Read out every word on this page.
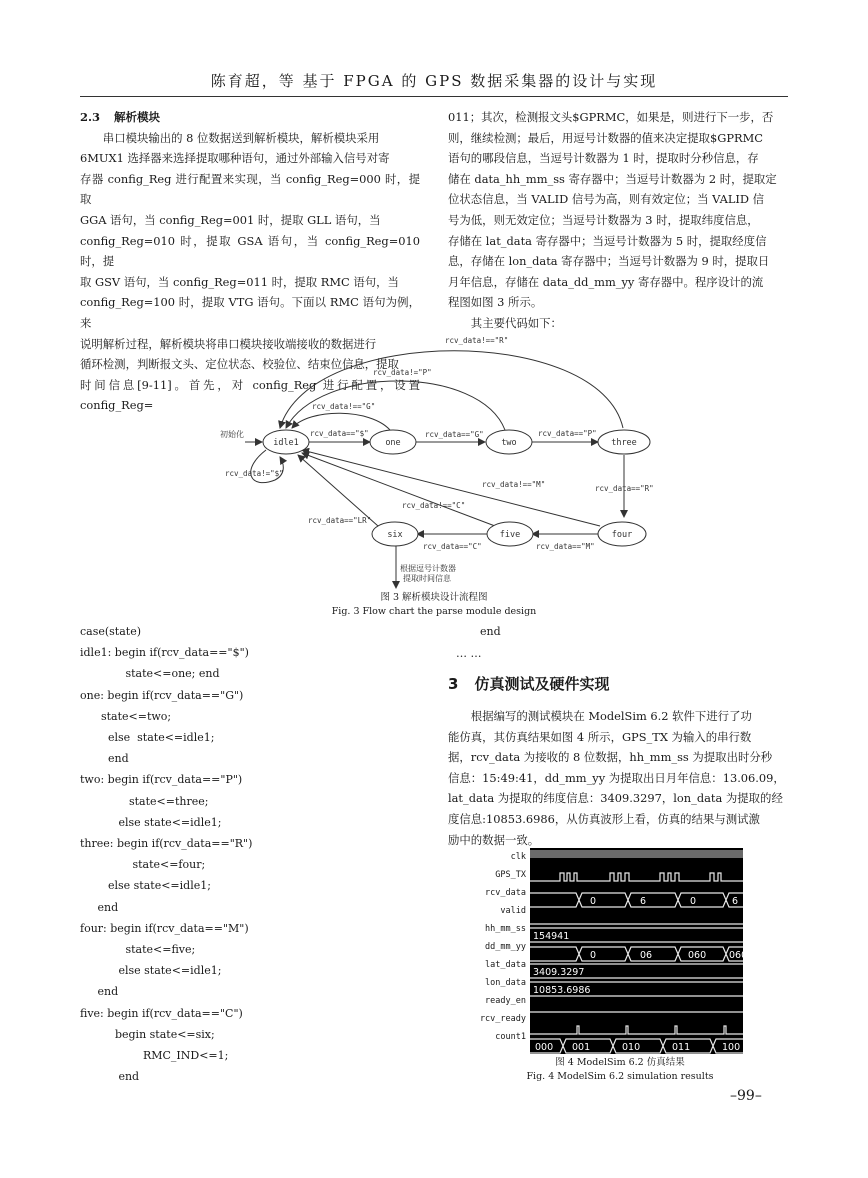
陈育超，等 基于 FPGA 的 GPS 数据采集器的设计与实现

2.3 解析模块

串口模块输出的 8 位数据送到解析模块，解析模块采用
6MUX1 选择器来选择提取哪种语句，通过外部输入信号对寄
存器 config_Reg 进行配置来实现，当 config_Reg=000 时，提取
GGA 语句，当 config_Reg=001 时，提取 GLL 语句，当
config_Reg=010 时，提取 GSA 语句，当 config_Reg=010 时，提
取 GSV 语句，当 config_Reg=011 时，提取 RMC 语句，当
config_Reg=100 时，提取 VTG 语句。下面以 RMC 语句为例，来
说明解析过程，解析模块将串口模块接收端接收的数据进行
循环检测，判断报文头、定位状态、校验位、结束位信息，提取
时间信息[9-11]。首先，对 config_Reg 进行配置，设置 config_Reg=
011；其次，检测报文头$GPRMC，如果是，则进行下一步，否
则，继续检测；最后，用逗号计数器的值来决定提取$GPRMC
语句的哪段信息，当逗号计数器为 1 时，提取时分秒信息，存
储在 data_hh_mm_ss 寄存器中；当逗号计数器为 2 时，提取定
位状态信息，当 VALID 信号为高，则有效定位；当 VALID 信
号为低，则无效定位；当逗号计数器为 3 时，提取纬度信息，
存储在 lat_data 寄存器中；当逗号计数器为 5 时，提取经度信
息，存储在 lon_data 寄存器中；当逗号计数器为 9 时，提取日
月年信息，存储在 data_dd_mm_yy 寄存器中。程序设计的流
程图如图 3 所示。

其主要代码如下：

idle1	one	two	three
four
five
six
rcv_data!=="R"
rcv_data!="P"
rcv_data!=="G"
rcv_data=="$"	rcv_data=="G"	rcv_data=="P"
rcv_data=="R"
rcv_data!=="M"
rcv_data!=="C"
rcv_data=="LR"
rcv_data=="M"
rcv_data=="C"
rcv_data!="$"
初始化
根据逗号计数器
提取时间信息
图 3 解析模块设计流程图
Fig. 3 Flow chart the parse module design
case(state)
idle1: begin if(rcv_data=="$")
state<=one; end
one: begin if(rcv_data=="G")
state<=two;
else  state<=idle1;
end
two: begin if(rcv_data=="P")
state<=three;
else state<=idle1;
three: begin if(rcv_data=="R")
state<=four;
else state<=idle1;
end
four: begin if(rcv_data=="M")
state<=five;
else state<=idle1;
end
five: begin if(rcv_data=="C")
begin state<=six;
RMC_IND<=1;
end
end
… …
3 仿真测试及硬件实现
根据编写的测试模块在 ModelSim 6.2 软件下进行了功
能仿真，其仿真结果如图 4 所示，GPS_TX 为输入的串行数
据，rcv_data 为接收的 8 位数据，hh_mm_ss 为提取出时分秒
信息：15:49:41，dd_mm_yy 为提取出日月年信息：13.06.09，
lat_data 为提取的纬度信息：3409.3297，lon_data 为提取的经
度信息:10853.6986，从仿真波形上看，仿真的结果与测试激
励中的数据一致。
clk
GPS_TX
rcv_data
valid
hh_mm_ss
dd_mm_yy
lat_data
lon_data
ready_en
rcv_ready
count1
0	6	0	6
154941
0	06	060 060
3409.3297
10853.6986
000 001	010	011	100
图 4 ModelSim 6.2 仿真结果
Fig. 4 ModelSim 6.2 simulation results
–99–
